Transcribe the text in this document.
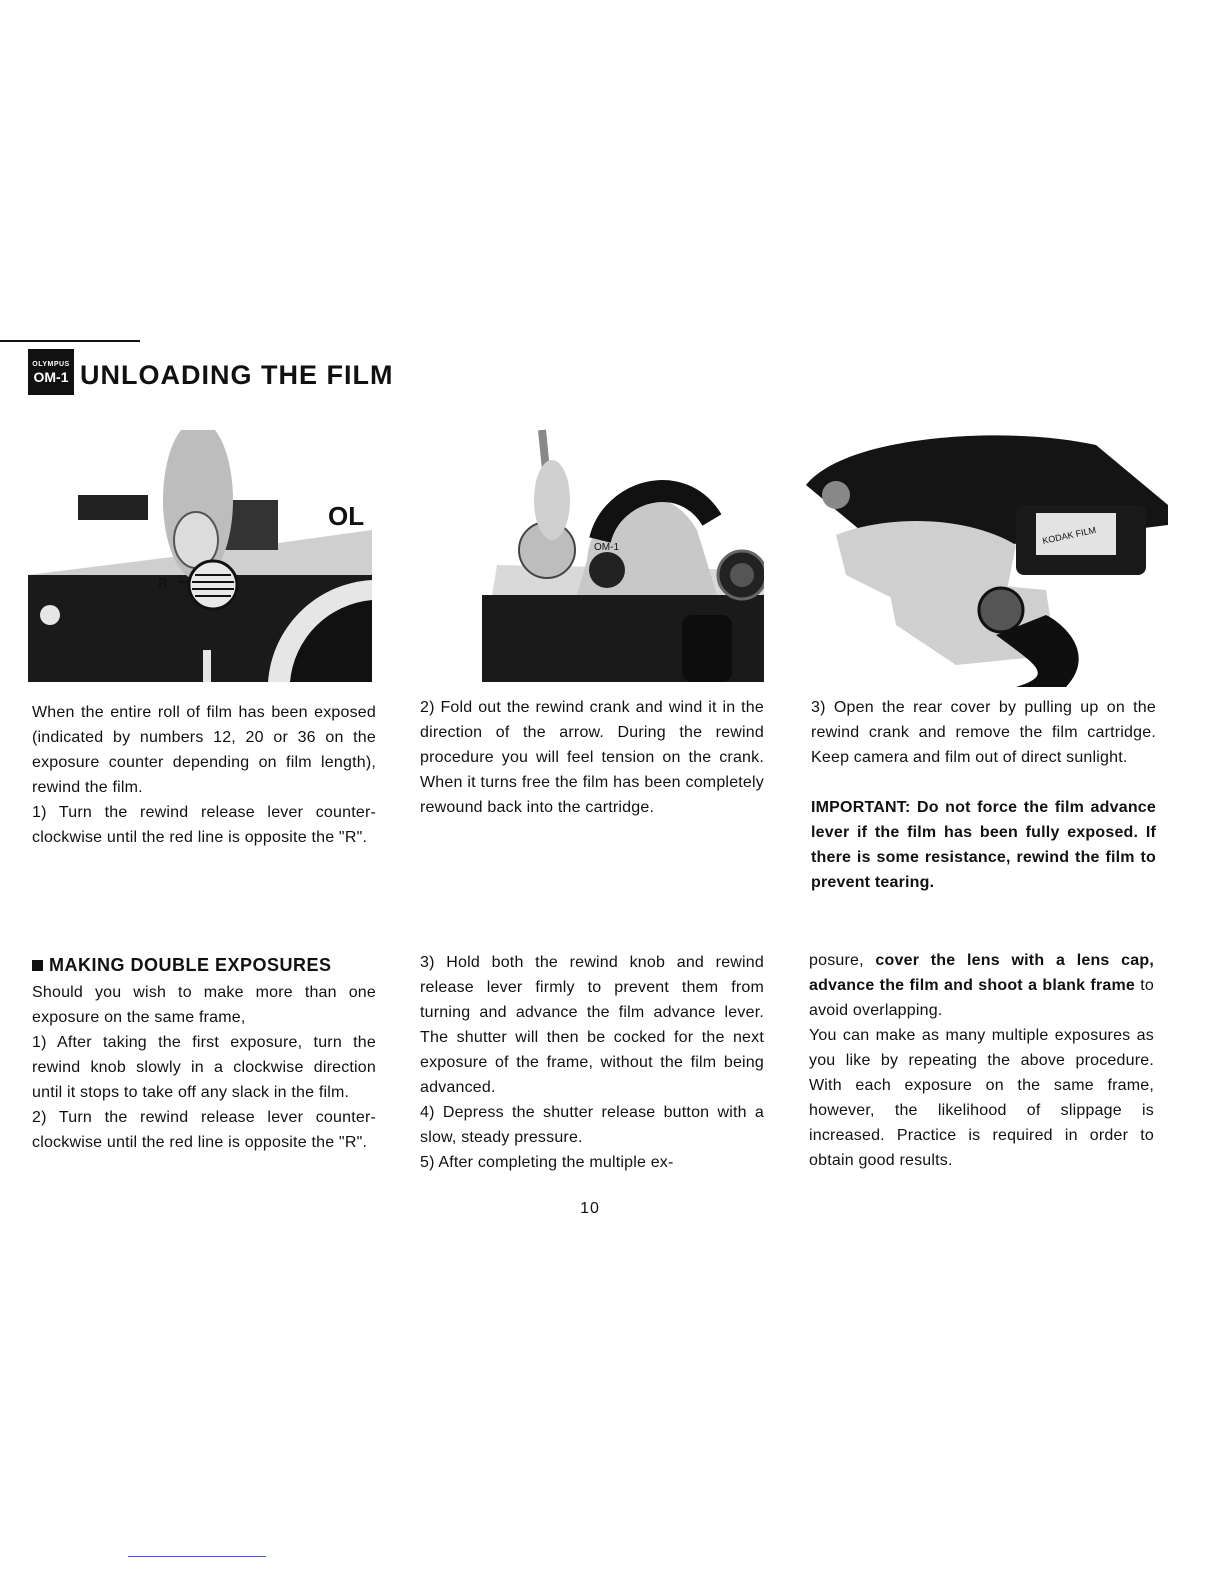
OLYMPUS
OM-1 UNLOADING THE FILM
R
OL
OM-1
KODAK FILM

When the entire roll of film has been exposed (indicated by numbers 12, 20 or 36 on the exposure counter depending on film length), rewind the film.

1) Turn the rewind release lever counter-clockwise until the red line is opposite the "R".

2) Fold out the rewind crank and wind it in the direction of the arrow. During the rewind procedure you will feel tension on the crank. When it turns free the film has been completely rewound back into the cartridge.

3) Open the rear cover by pulling up on the rewind crank and remove the film cartridge. Keep camera and film out of direct sunlight.

IMPORTANT: Do not force the film advance lever if the film has been fully exposed. If there is some resistance, rewind the film to prevent tearing.

MAKING DOUBLE EXPOSURES

Should you wish to make more than one exposure on the same frame,

1) After taking the first exposure, turn the rewind knob slowly in a clockwise direction until it stops to take off any slack in the film.

2) Turn the rewind release lever counter-clockwise until the red line is opposite the "R".

3) Hold both the rewind knob and rewind release lever firmly to prevent them from turning and advance the film advance lever. The shutter will then be cocked for the next exposure of the frame, without the film being advanced.

4) Depress the shutter release button with a slow, steady pressure.

5) After completing the multiple ex-

posure, cover the lens with a lens cap, advance the film and shoot a blank frame to avoid overlapping.

You can make as many multiple exposures as you like by repeating the above procedure. With each exposure on the same frame, however, the likelihood of slippage is increased. Practice is required in order to obtain good results.

10
